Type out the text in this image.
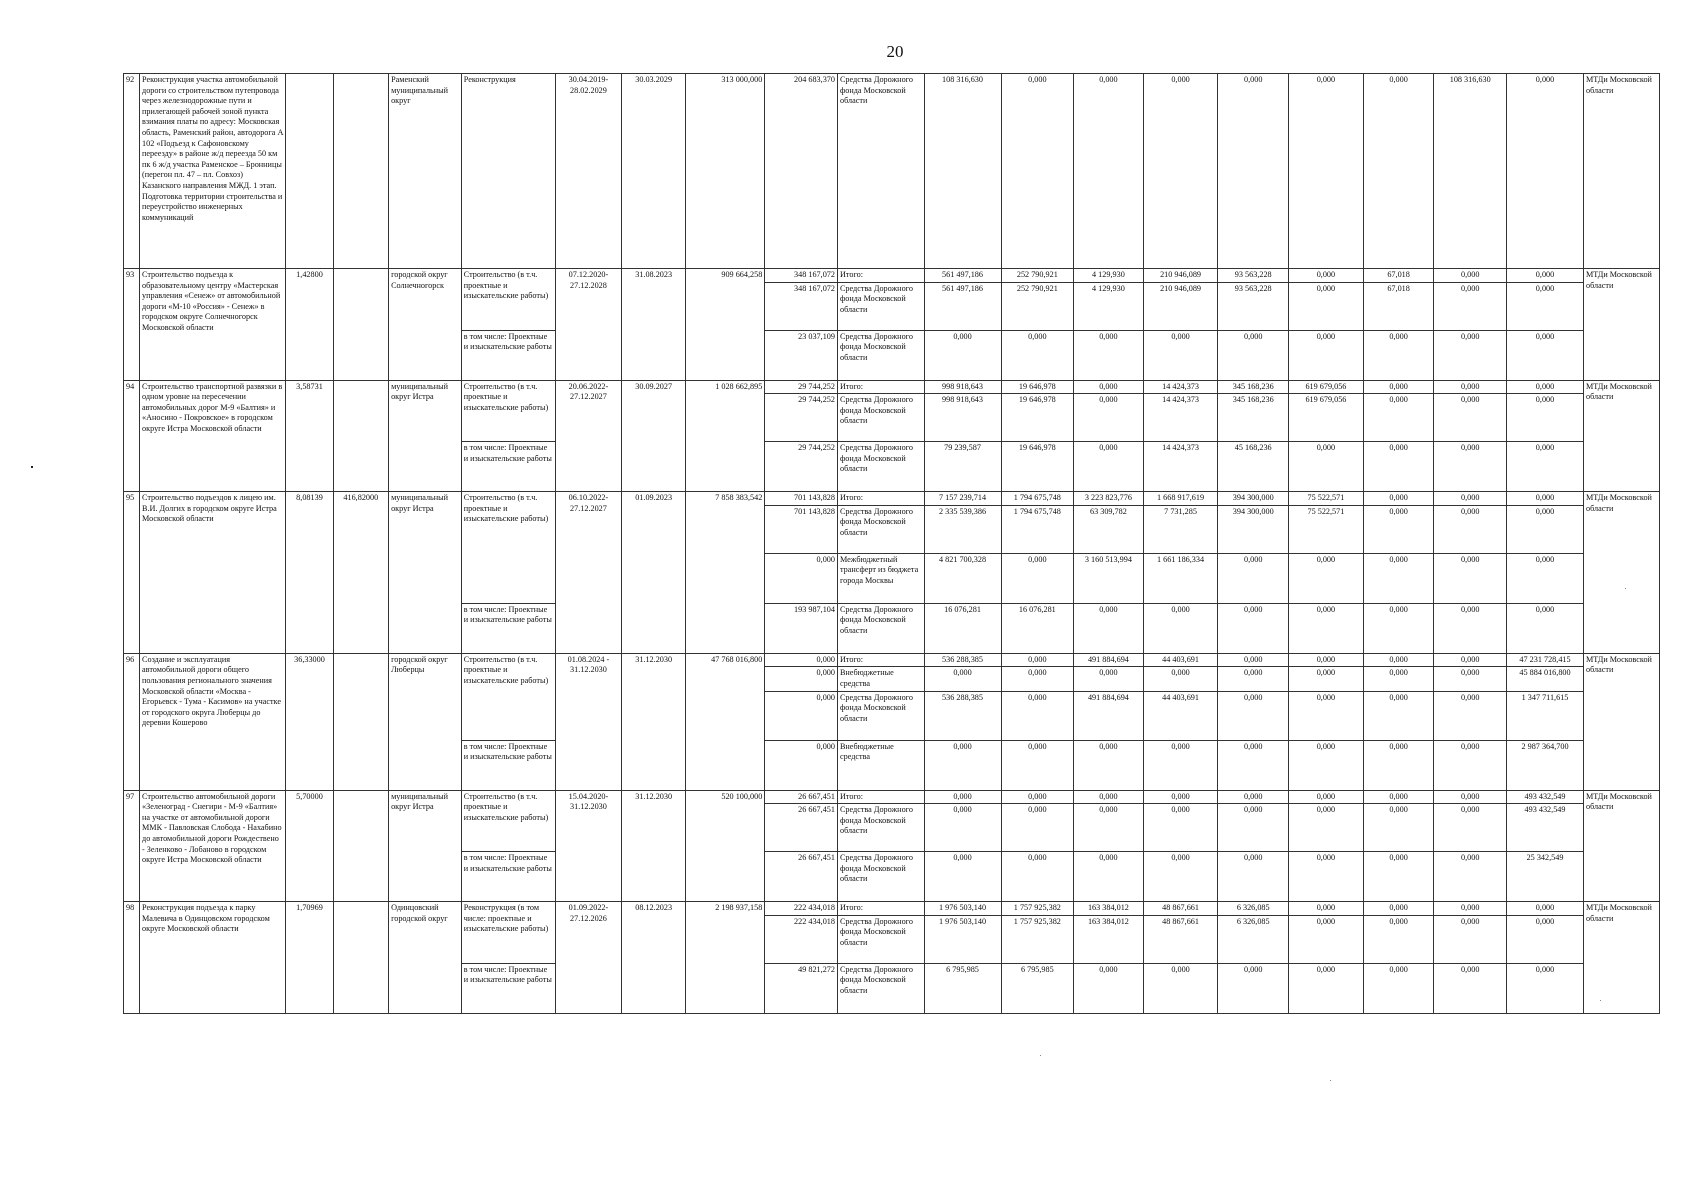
20
92	Реконструкция участка автомобильной дороги со строительством путепровода через железнодорожные пути и прилегающей рабочей зоной пункта взимания платы по адресу: Московская область, Раменский район, автодорога А 102 «Подъезд к Сафоновскому переезду» в районе ж/д переезда 50 км пк 6 ж/д участка Раменское – Бронницы (перегон пл. 47 – пл. Совхоз) Казанского направления МЖД. 1 этап. Подготовка территории строительства и переустройство инженерных коммуникаций			Раменский муниципальный округ	Реконструкция	30.04.2019-28.02.2029	30.03.2029	313 000,000	204 683,370	Средства Дорожного фонда Московской области	108 316,630	0,000	0,000	0,000	0,000	0,000	0,000	108 316,630	0,000	МТДи Московской области
93	Строительство подъезда к образовательному центру «Мастерская управления «Сенеж» от автомобильной дороги «М-10 «Россия» - Сенеж» в городском округе Солнечногорск Московской области	1,42800		городской округ Солнечногорск	Строительство (в т.ч. проектные и изыскательские работы)	07.12.2020-27.12.2028	31.08.2023	909 664,258	348 167,072	Итого:	561 497,186	252 790,921	4 129,930	210 946,089	93 563,228	0,000	67,018	0,000	0,000	МТДи Московской области
									348 167,072	Средства Дорожного фонда Московской области	561 497,186	252 790,921	4 129,930	210 946,089	93 563,228	0,000	67,018	0,000	0,000	
					в том числе: Проектные и изыскательские работы				23 037,109	Средства Дорожного фонда Московской области	0,000	0,000	0,000	0,000	0,000	0,000	0,000	0,000	0,000	
94	Строительство транспортной развязки в одном уровне на пересечении автомобильных дорог М-9 «Балтия» и «Аносино - Покровское» в городском округе Истра Московской области	3,58731		муниципальный округ Истра	Строительство (в т.ч. проектные и изыскательские работы)	20.06.2022-27.12.2027	30.09.2027	1 028 662,895	29 744,252	Итого:	998 918,643	19 646,978	0,000	14 424,373	345 168,236	619 679,056	0,000	0,000	0,000	МТДи Московской области
									29 744,252	Средства Дорожного фонда Московской области	998 918,643	19 646,978	0,000	14 424,373	345 168,236	619 679,056	0,000	0,000	0,000	
					в том числе: Проектные и изыскательские работы				29 744,252	Средства Дорожного фонда Московской области	79 239,587	19 646,978	0,000	14 424,373	45 168,236	0,000	0,000	0,000	0,000	
95	Строительство подъездов к лицею им. В.И. Долгих в городском округе Истра Московской области	8,08139	416,82000	муниципальный округ Истра	Строительство (в т.ч. проектные и изыскательские работы)	06.10.2022-27.12.2027	01.09.2023	7 858 383,542	701 143,828	Итого:	7 157 239,714	1 794 675,748	3 223 823,776	1 668 917,619	394 300,000	75 522,571	0,000	0,000	0,000	МТДи Московской области
									701 143,828	Средства Дорожного фонда Московской области	2 335 539,386	1 794 675,748	63 309,782	7 731,285	394 300,000	75 522,571	0,000	0,000	0,000	
									0,000	Межбюджетный трансферт из бюджета города Москвы	4 821 700,328	0,000	3 160 513,994	1 661 186,334	0,000	0,000	0,000	0,000	0,000	
					в том числе: Проектные и изыскательские работы				193 987,104	Средства Дорожного фонда Московской области	16 076,281	16 076,281	0,000	0,000	0,000	0,000	0,000	0,000	0,000	
96	Создание и эксплуатация автомобильной дороги общего пользования регионального значения Московской области «Москва - Егорьевск - Тума - Касимов» на участке от городского округа Люберцы до деревни Кошерово	36,33000		городской округ Люберцы	Строительство (в т.ч. проектные и изыскательские работы)	01.08.2024 - 31.12.2030	31.12.2030	47 768 016,800	0,000	Итого:	536 288,385	0,000	491 884,694	44 403,691	0,000	0,000	0,000	0,000	47 231 728,415	МТДи Московской области
									0,000	Внебюджетные средства	0,000	0,000	0,000	0,000	0,000	0,000	0,000	0,000	45 884 016,800	
									0,000	Средства Дорожного фонда Московской области	536 288,385	0,000	491 884,694	44 403,691	0,000	0,000	0,000	0,000	1 347 711,615	
					в том числе: Проектные и изыскательские работы				0,000	Внебюджетные средства	0,000	0,000	0,000	0,000	0,000	0,000	0,000	0,000	2 987 364,700	
97	Строительство автомобильной дороги «Зеленоград - Снегири - М-9 «Балтия» на участке от автомобильной дороги ММК - Павловская Слобода - Нахабино до автомобильной дороги Рождествено - Зеленково - Лобаново в городском округе Истра Московской области	5,70000		муниципальный округ Истра	Строительство (в т.ч. проектные и изыскательские работы)	15.04.2020-31.12.2030	31.12.2030	520 100,000	26 667,451	Итого:	0,000	0,000	0,000	0,000	0,000	0,000	0,000	0,000	493 432,549	МТДи Московской области
									26 667,451	Средства Дорожного фонда Московской области	0,000	0,000	0,000	0,000	0,000	0,000	0,000	0,000	493 432,549	
					в том числе: Проектные и изыскательские работы				26 667,451	Средства Дорожного фонда Московской области	0,000	0,000	0,000	0,000	0,000	0,000	0,000	0,000	25 342,549	
98	Реконструкция подъезда к парку Малевича в Одинцовском городском округе Московской области	1,70969		Одинцовский городской округ	Реконструкция (в том числе: проектные и изыскательские работы)	01.09.2022-27.12.2026	08.12.2023	2 198 937,158	222 434,018	Итого:	1 976 503,140	1 757 925,382	163 384,012	48 867,661	6 326,085	0,000	0,000	0,000	0,000	МТДи Московской области
									222 434,018	Средства Дорожного фонда Московской области	1 976 503,140	1 757 925,382	163 384,012	48 867,661	6 326,085	0,000	0,000	0,000	0,000	
					в том числе: Проектные и изыскательские работы				49 821,272	Средства Дорожного фонда Московской области	6 795,985	6 795,985	0,000	0,000	0,000	0,000	0,000	0,000	0,000	
